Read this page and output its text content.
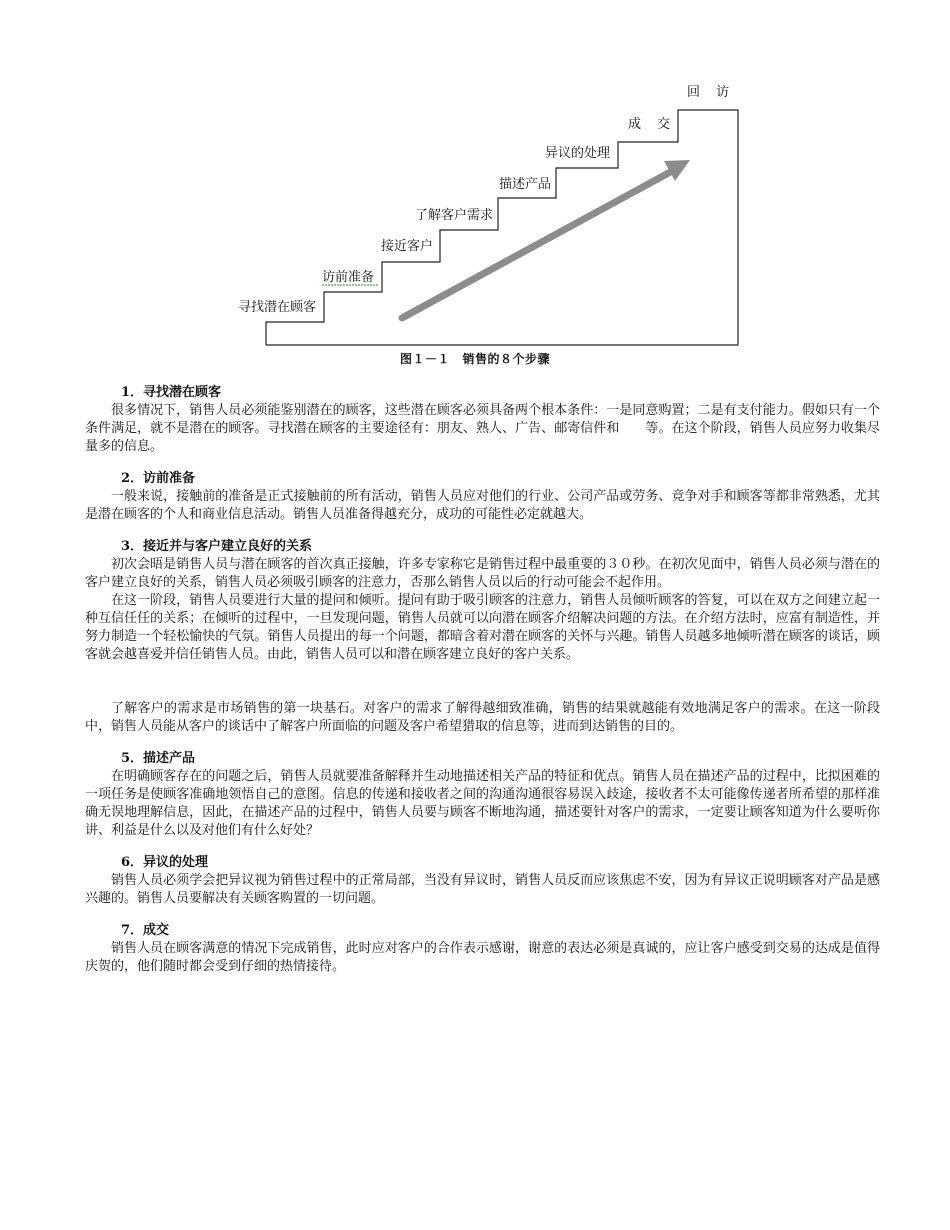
寻找潜在顾客
访前准备
接近客户
了解客户需求
描述产品
异议的处理
成 交
回 访
图１－１　销售的８个步骤
1．寻找潜在顾客

很多情况下，销售人员必须能鉴别潜在的顾客，这些潜在顾客必须具备两个根本条件：一是同意购置；二是有支付能力。假如只有一个条件满足，就不是潜在的顾客。寻找潜在顾客的主要途径有：朋友、熟人、广告、邮寄信件和　　等。在这个阶段，销售人员应努力收集尽量多的信息。

2．访前准备

一般来说，接触前的准备是正式接触前的所有活动，销售人员应对他们的行业、公司产品或劳务、竞争对手和顾客等都非常熟悉，尤其是潜在顾客的个人和商业信息活动。销售人员准备得越充分，成功的可能性必定就越大。

3．接近并与客户建立良好的关系

初次会晤是销售人员与潜在顾客的首次真正接触，许多专家称它是销售过程中最重要的３０秒。在初次见面中，销售人员必须与潜在的客户建立良好的关系，销售人员必须吸引顾客的注意力，否那么销售人员以后的行动可能会不起作用。

在这一阶段，销售人员要进行大量的提问和倾听。提问有助于吸引顾客的注意力，销售人员倾听顾客的答复，可以在双方之间建立起一种互信任任的关系；在倾听的过程中，一旦发现问题，销售人员就可以向潜在顾客介绍解决问题的方法。在介绍方法时，应富有制造性，并努力制造一个轻松愉快的气氛。销售人员提出的每一个问题，都暗含着对潜在顾客的关怀与兴趣。销售人员越多地倾听潜在顾客的谈话，顾客就会越喜爱并信任销售人员。由此，销售人员可以和潜在顾客建立良好的客户关系。

了解客户的需求是市场销售的第一块基石。对客户的需求了解得越细致准确，销售的结果就越能有效地满足客户的需求。在这一阶段中，销售人员能从客户的谈话中了解客户所面临的问题及客户希望猎取的信息等，进而到达销售的目的。

5．描述产品

在明确顾客存在的问题之后，销售人员就要准备解释并生动地描述相关产品的特征和优点。销售人员在描述产品的过程中，比拟困难的一项任务是使顾客准确地领悟自己的意图。信息的传递和接收者之间的沟通沟通很容易误入歧途，接收者不太可能像传递者所希望的那样准确无误地理解信息，因此，在描述产品的过程中，销售人员要与顾客不断地沟通，描述要针对客户的需求，一定要让顾客知道为什么要听你讲、利益是什么以及对他们有什么好处？

6．异议的处理

销售人员必须学会把异议视为销售过程中的正常局部，当没有异议时，销售人员反而应该焦虑不安，因为有异议正说明顾客对产品是感兴趣的。销售人员要解决有关顾客购置的一切问题。

7．成交

销售人员在顾客满意的情况下完成销售，此时应对客户的合作表示感谢，谢意的表达必须是真诚的，应让客户感受到交易的达成是值得庆贺的，他们随时都会受到仔细的热情接待。
